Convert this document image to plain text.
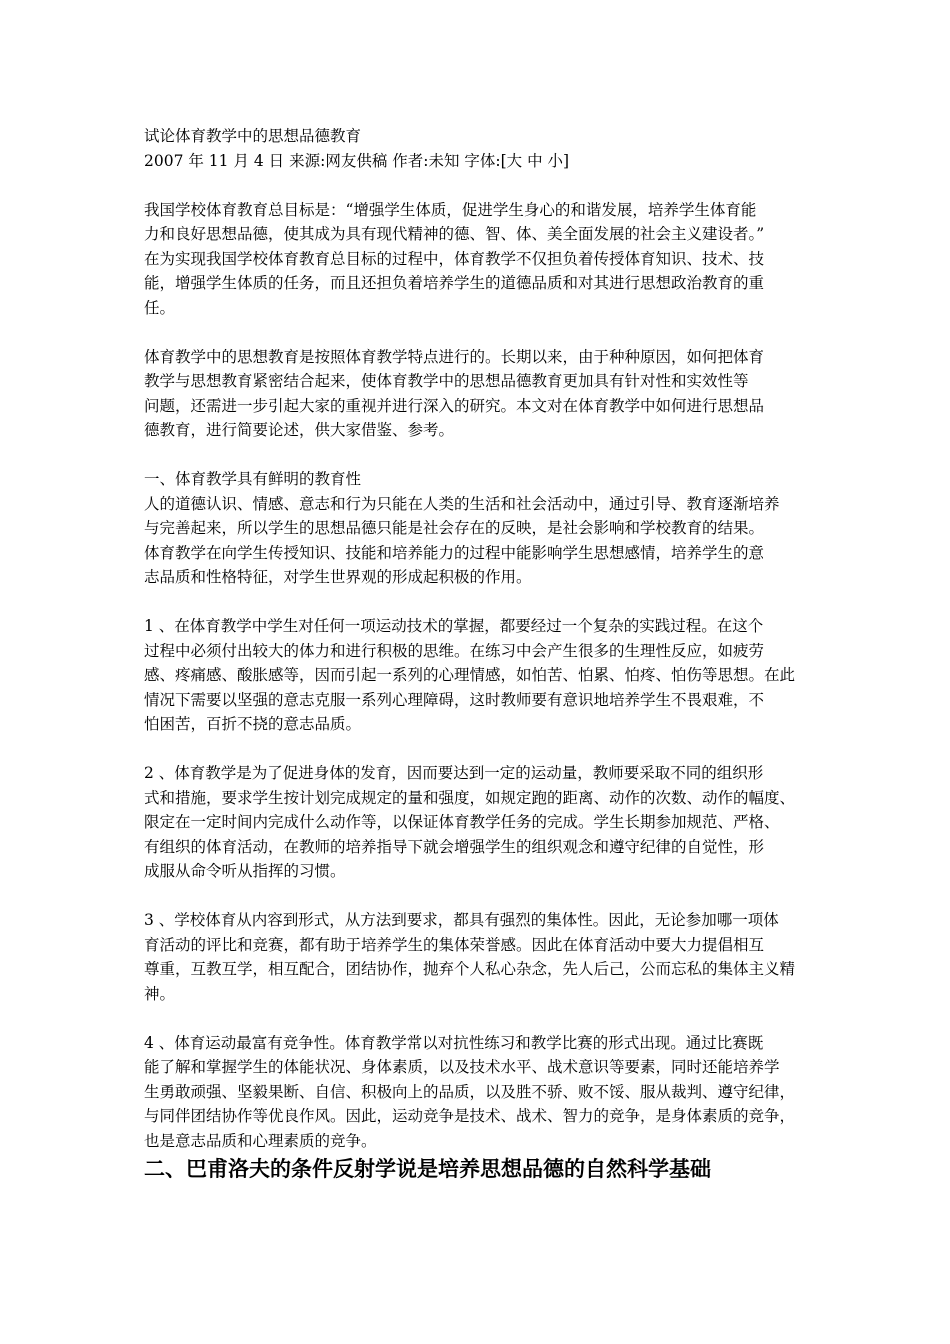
试论体育教学中的思想品德教育
2007 年 11 月 4 日 来源:网友供稿 作者:未知 字体:[大 中 小]
我国学校体育教育总目标是：“增强学生体质，促进学生身心的和谐发展，培养学生体育能
力和良好思想品德，使其成为具有现代精神的德、智、体、美全面发展的社会主义建设者。”
在为实现我国学校体育教育总目标的过程中，体育教学不仅担负着传授体育知识、技术、技
能，增强学生体质的任务，而且还担负着培养学生的道德品质和对其进行思想政治教育的重
任。
体育教学中的思想教育是按照体育教学特点进行的。长期以来，由于种种原因，如何把体育
教学与思想教育紧密结合起来，使体育教学中的思想品德教育更加具有针对性和实效性等
问题，还需进一步引起大家的重视并进行深入的研究。本文对在体育教学中如何进行思想品
德教育，进行简要论述，供大家借鉴、参考。
一、体育教学具有鲜明的教育性
人的道德认识、情感、意志和行为只能在人类的生活和社会活动中，通过引导、教育逐渐培养
与完善起来，所以学生的思想品德只能是社会存在的反映，是社会影响和学校教育的结果。
体育教学在向学生传授知识、技能和培养能力的过程中能影响学生思想感情，培养学生的意
志品质和性格特征，对学生世界观的形成起积极的作用。
1 、在体育教学中学生对任何一项运动技术的掌握，都要经过一个复杂的实践过程。在这个
过程中必须付出较大的体力和进行积极的思维。在练习中会产生很多的生理性反应，如疲劳
感、疼痛感、酸胀感等，因而引起一系列的心理情感，如怕苦、怕累、怕疼、怕伤等思想。在此
情况下需要以坚强的意志克服一系列心理障碍，这时教师要有意识地培养学生不畏艰难，不
怕困苦，百折不挠的意志品质。
2 、体育教学是为了促进身体的发育，因而要达到一定的运动量，教师要采取不同的组织形
式和措施，要求学生按计划完成规定的量和强度，如规定跑的距离、动作的次数、动作的幅度、
限定在一定时间内完成什么动作等，以保证体育教学任务的完成。学生长期参加规范、严格、
有组织的体育活动，在教师的培养指导下就会增强学生的组织观念和遵守纪律的自觉性，形
成服从命令听从指挥的习惯。
3 、学校体育从内容到形式，从方法到要求，都具有强烈的集体性。因此，无论参加哪一项体
育活动的评比和竞赛，都有助于培养学生的集体荣誉感。因此在体育活动中要大力提倡相互
尊重，互教互学，相互配合，团结协作，抛弃个人私心杂念，先人后己，公而忘私的集体主义精
神。
4 、体育运动最富有竞争性。体育教学常以对抗性练习和教学比赛的形式出现。通过比赛既
能了解和掌握学生的体能状况、身体素质，以及技术水平、战术意识等要素，同时还能培养学
生勇敢顽强、坚毅果断、自信、积极向上的品质，以及胜不骄、败不馁、服从裁判、遵守纪律，
与同伴团结协作等优良作风。因此，运动竞争是技术、战术、智力的竞争，是身体素质的竞争，
也是意志品质和心理素质的竞争。
二、巴甫洛夫的条件反射学说是培养思想品德的自然科学基础
